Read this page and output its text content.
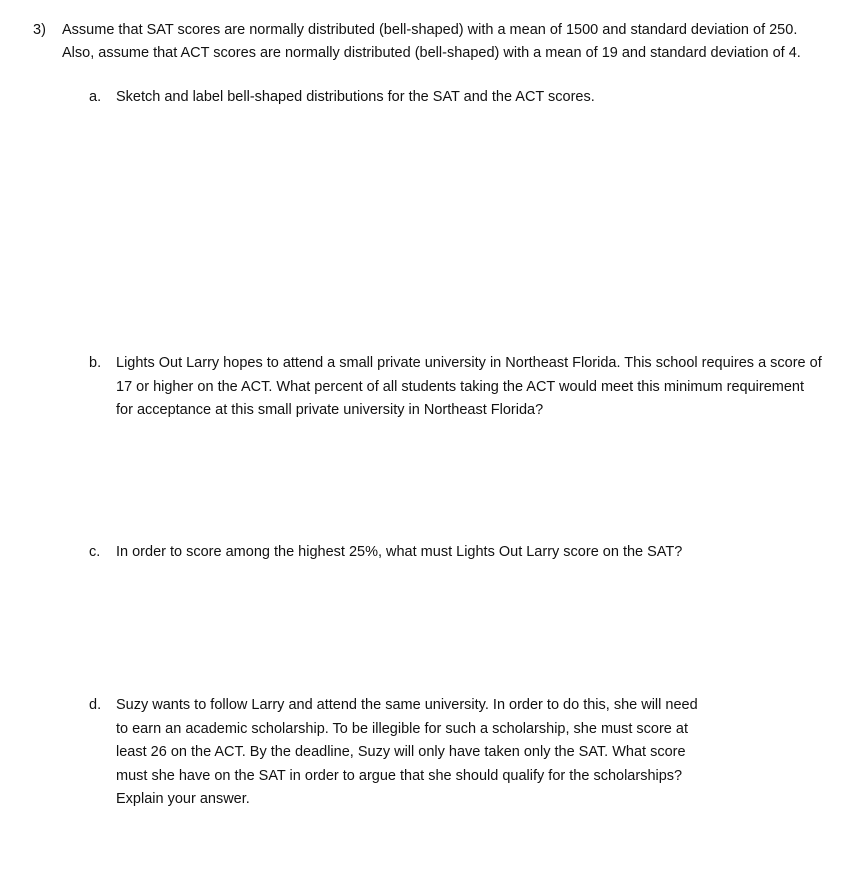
3) Assume that SAT scores are normally distributed (bell-shaped) with a mean of 1500 and standard deviation of 250. Also, assume that ACT scores are normally distributed (bell-shaped) with a mean of 19 and standard deviation of 4.
a. Sketch and label bell-shaped distributions for the SAT and the ACT scores.
b. Lights Out Larry hopes to attend a small private university in Northeast Florida. This school requires a score of 17 or higher on the ACT. What percent of all students taking the ACT would meet this minimum requirement for acceptance at this small private university in Northeast Florida?
c. In order to score among the highest 25%, what must Lights Out Larry score on the SAT?
d. Suzy wants to follow Larry and attend the same university. In order to do this, she will need to earn an academic scholarship. To be illegible for such a scholarship, she must score at least 26 on the ACT. By the deadline, Suzy will only have taken only the SAT. What score must she have on the SAT in order to argue that she should qualify for the scholarships? Explain your answer.
